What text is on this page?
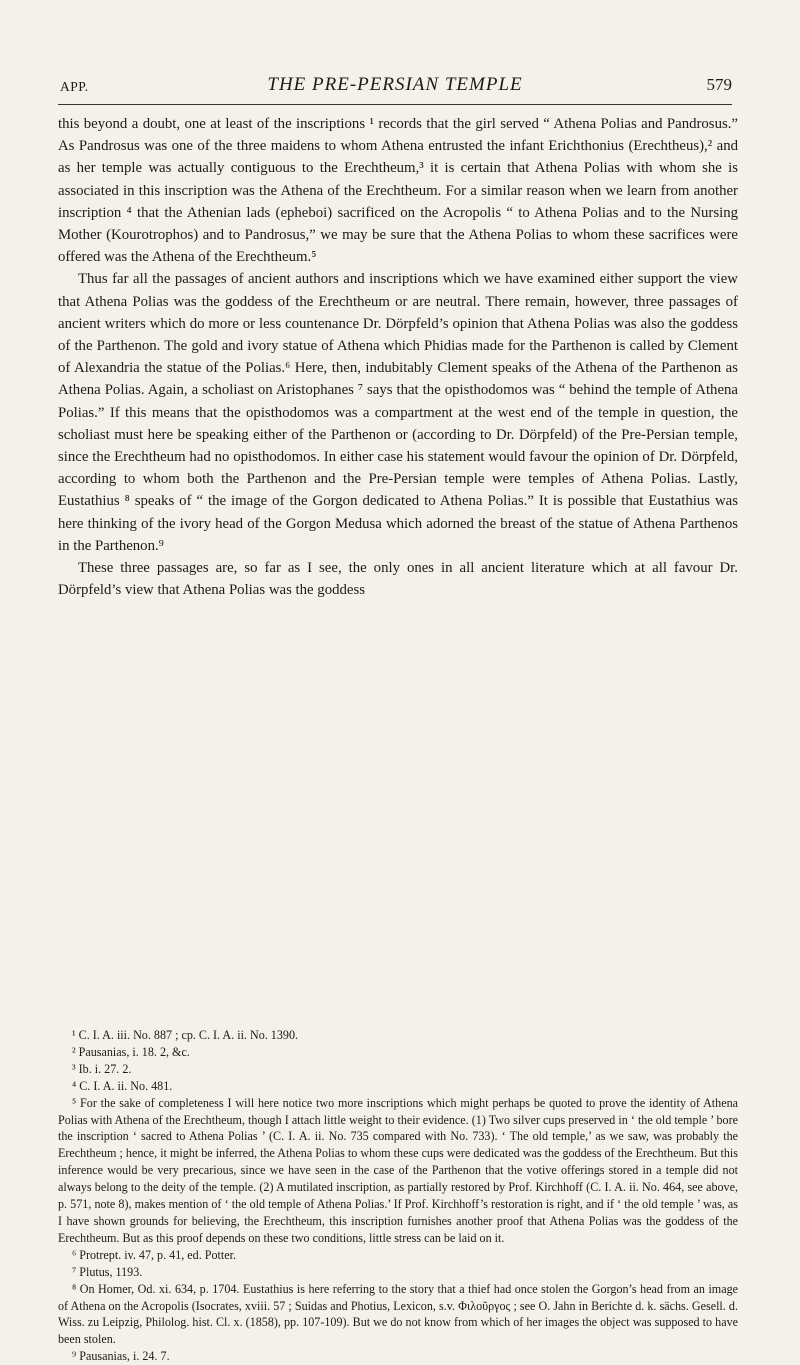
APP.	THE PRE-PERSIAN TEMPLE	579

this beyond a doubt, one at least of the inscriptions ¹ records that the girl served “ Athena Polias and Pandrosus.” As Pandrosus was one of the three maidens to whom Athena entrusted the infant Erichthonius (Erechtheus),² and as her temple was actually contiguous to the Erechtheum,³ it is certain that Athena Polias with whom she is associated in this inscription was the Athena of the Erechtheum. For a similar reason when we learn from another inscription ⁴ that the Athenian lads (epheboi) sacrificed on the Acropolis “ to Athena Polias and to the Nursing Mother (Kourotrophos) and to Pandrosus,” we may be sure that the Athena Polias to whom these sacrifices were offered was the Athena of the Erechtheum.⁵

Thus far all the passages of ancient authors and inscriptions which we have examined either support the view that Athena Polias was the goddess of the Erechtheum or are neutral. There remain, however, three passages of ancient writers which do more or less countenance Dr. Dörpfeld’s opinion that Athena Polias was also the goddess of the Parthenon. The gold and ivory statue of Athena which Phidias made for the Parthenon is called by Clement of Alexandria the statue of the Polias.⁶ Here, then, indubitably Clement speaks of the Athena of the Parthenon as Athena Polias. Again, a scholiast on Aristophanes ⁷ says that the opisthodomos was “ behind the temple of Athena Polias.” If this means that the opisthodomos was a compartment at the west end of the temple in question, the scholiast must here be speaking either of the Parthenon or (according to Dr. Dörpfeld) of the Pre-Persian temple, since the Erechtheum had no opisthodomos. In either case his statement would favour the opinion of Dr. Dörpfeld, according to whom both the Parthenon and the Pre-Persian temple were temples of Athena Polias. Lastly, Eustathius ⁸ speaks of “ the image of the Gorgon dedicated to Athena Polias.” It is possible that Eustathius was here thinking of the ivory head of the Gorgon Medusa which adorned the breast of the statue of Athena Parthenos in the Parthenon.⁹

These three passages are, so far as I see, the only ones in all ancient literature which at all favour Dr. Dörpfeld’s view that Athena Polias was the goddess

¹ C. I. A. iii. No. 887 ; cp. C. I. A. ii. No. 1390.

² Pausanias, i. 18. 2, &c.

³ Ib. i. 27. 2.

⁴ C. I. A. ii. No. 481.

⁵ For the sake of completeness I will here notice two more inscriptions which might perhaps be quoted to prove the identity of Athena Polias with Athena of the Erechtheum, though I attach little weight to their evidence. (1) Two silver cups preserved in ‘ the old temple ’ bore the inscription ‘ sacred to Athena Polias ’ (C. I. A. ii. No. 735 compared with No. 733). ‘ The old temple,’ as we saw, was probably the Erechtheum ; hence, it might be inferred, the Athena Polias to whom these cups were dedicated was the goddess of the Erechtheum. But this inference would be very precarious, since we have seen in the case of the Parthenon that the votive offerings stored in a temple did not always belong to the deity of the temple. (2) A mutilated inscription, as partially restored by Prof. Kirchhoff (C. I. A. ii. No. 464, see above, p. 571, note 8), makes mention of ‘ the old temple of Athena Polias.’ If Prof. Kirchhoff’s restoration is right, and if ‘ the old temple ’ was, as I have shown grounds for believing, the Erechtheum, this inscription furnishes another proof that Athena Polias was the goddess of the Erechtheum. But as this proof depends on these two conditions, little stress can be laid on it.

⁶ Protrept. iv. 47, p. 41, ed. Potter.

⁷ Plutus, 1193.

⁸ On Homer, Od. xi. 634, p. 1704. Eustathius is here referring to the story that a thief had once stolen the Gorgon’s head from an image of Athena on the Acropolis (Isocrates, xviii. 57 ; Suidas and Photius, Lexicon, s.v. Φιλοῦργος ; see O. Jahn in Berichte d. k. sächs. Gesell. d. Wiss. zu Leipzig, Philolog. hist. Cl. x. (1858), pp. 107-109). But we do not know from which of her images the object was supposed to have been stolen.

⁹ Pausanias, i. 24. 7.
